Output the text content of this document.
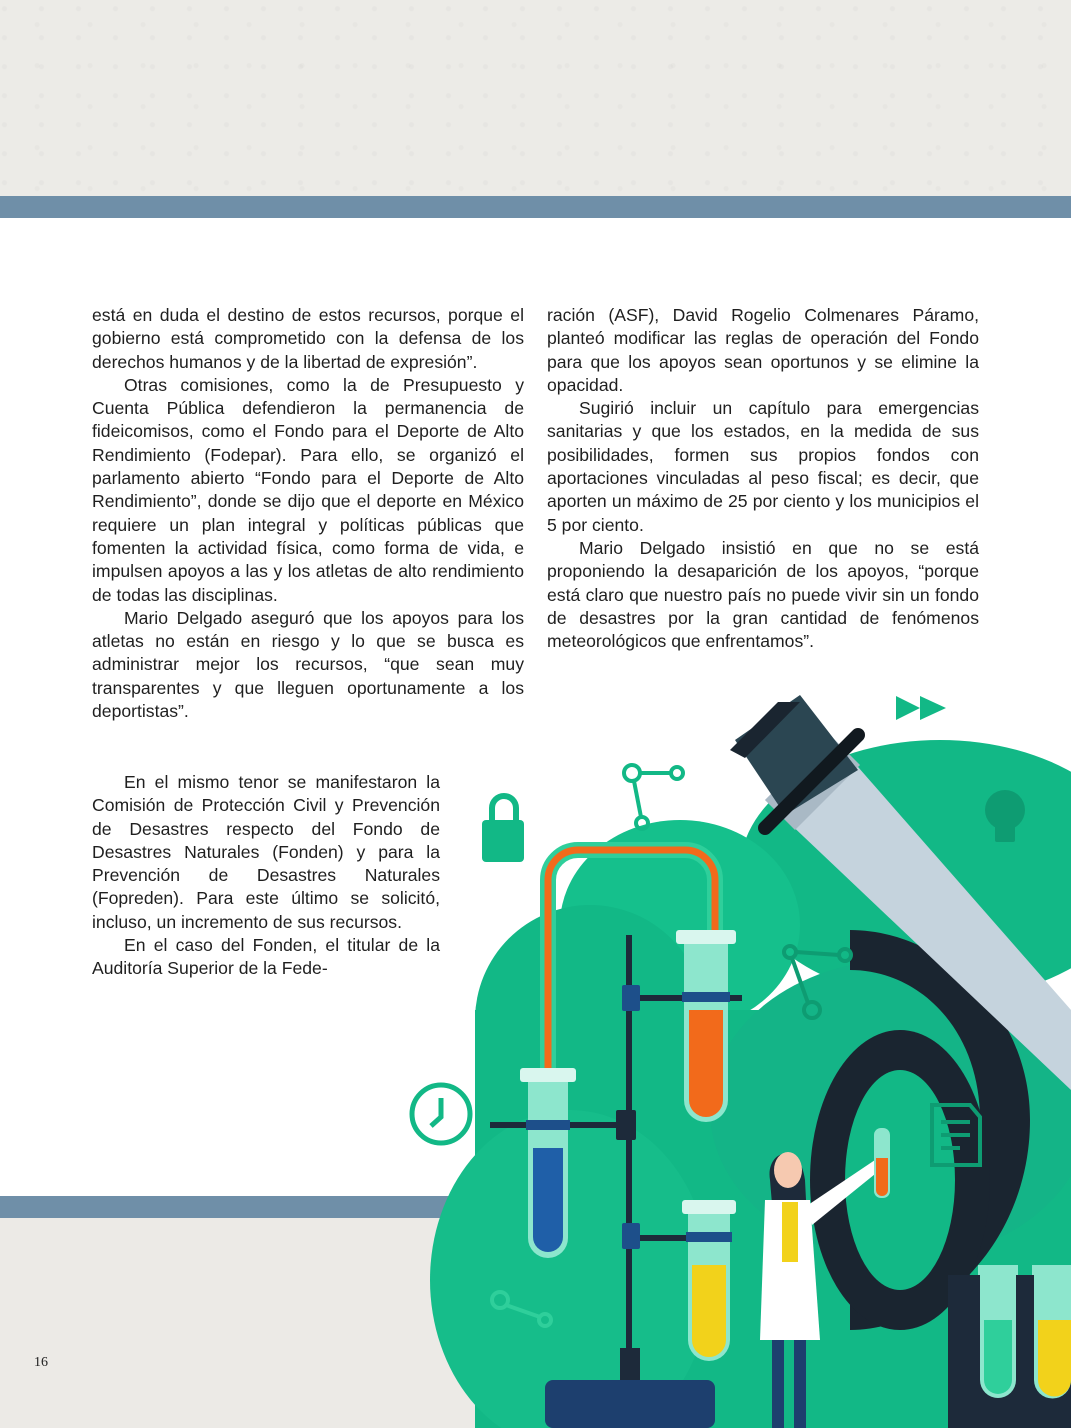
está en duda el destino de estos recursos, porque el gobierno está comprometido con la defensa de los derechos humanos y de la libertad de expresión”.

Otras comisiones, como la de Presupuesto y Cuenta Pública defendieron la permanencia de fideicomisos, como el Fondo para el Deporte de Alto Rendimiento (Fodepar). Para ello, se organizó el parlamento abierto “Fondo para el Deporte de Alto Rendimiento”, donde se dijo que el deporte en México requiere un plan integral y políticas públicas que fomenten la actividad física, como forma de vida, e impulsen apoyos a las y los atletas de alto rendimiento de todas las disciplinas.

Mario Delgado aseguró que los apoyos para los atletas no están en riesgo y lo que se busca es administrar mejor los recursos, “que sean muy transparentes y que lleguen oportunamente a los deportistas”.

En el mismo tenor se manifestaron la Comisión de Protección Civil y Prevención de Desastres respecto del Fondo de Desastres Naturales (Fonden) y para la Prevención de Desastres Naturales (Fopreden). Para este último se solicitó, incluso, un incremento de sus recursos.

En el caso del Fonden, el titular de la Auditoría Superior de la Fede-

ración (ASF), David Rogelio Colmenares Páramo, planteó modificar las reglas de operación del Fondo para que los apoyos sean oportunos y se elimine la opacidad.

Sugirió incluir un capítulo para emergencias sanitarias y que los estados, en la medida de sus posibilidades, formen sus propios fondos con aportaciones vinculadas al peso fiscal; es decir, que aporten un máximo de 25 por ciento y los municipios el 5 por ciento.

Mario Delgado insistió en que no se está proponiendo la desaparición de los apoyos, “porque está claro que nuestro país no puede vivir sin un fondo de desastres por la gran cantidad de fenómenos meteorológicos que enfrentamos”.

16
